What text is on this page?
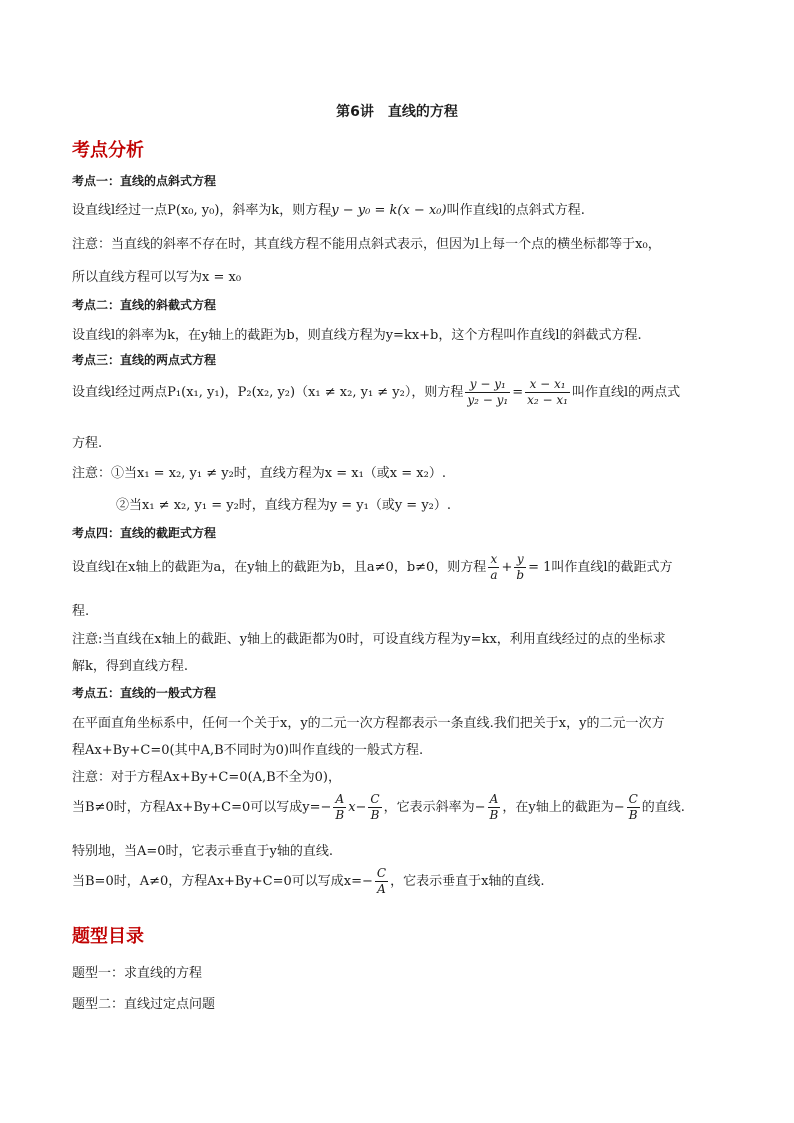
第6讲　直线的方程
考点分析
考点一：直线的点斜式方程
设直线l经过一点P(x₀, y₀)，斜率为k，则方程y − y₀ = k(x − x₀)叫作直线l的点斜式方程.
注意：当直线的斜率不存在时，其直线方程不能用点斜式表示，但因为l上每一个点的横坐标都等于x₀，
所以直线方程可以写为x = x₀
考点二：直线的斜截式方程
设直线l的斜率为k，在y轴上的截距为b，则直线方程为y=kx+b，这个方程叫作直线l的斜截式方程.
考点三：直线的两点式方程
设直线l经过两点P₁(x₁, y₁)，P₂(x₂, y₂)（x₁ ≠ x₂, y₁ ≠ y₂），则方程 $\frac{\text{y − y₁}}{\text{y₂ − y₁}} = \frac{\text{x − x₁}}{\text{x₂ − x₁}}$ 叫作直线l的两点式
方程.
注意：①当x₁ = x₂, y₁ ≠ y₂时，直线方程为x = x₁（或x = x₂）.
②当x₁ ≠ x₂, y₁ = y₂时，直线方程为y = y₁（或y = y₂）.
考点四：直线的截距式方程
设直线l在x轴上的截距为a，在y轴上的截距为b，且a≠0，b≠0，则方程 $\frac{x}{a} + \frac{y}{b} = 1$叫作直线l的截距式方
程.
注意:当直线在x轴上的截距、y轴上的截距都为0时，可设直线方程为y=kx，利用直线经过的点的坐标求
解k，得到直线方程.
考点五：直线的一般式方程
在平面直角坐标系中，任何一个关于x，y的二元一次方程都表示一条直线.我们把关于x，y的二元一次方
程Ax+By+C=0(其中A,B不同时为0)叫作直线的一般式方程.
注意：对于方程Ax+By+C=0(A,B不全为0)，
当B≠0时，方程Ax+By+C=0可以写成$y=- \frac{A}{B} x- \frac{C}{B}$ ，它表示斜率为− $\frac{A}{B}$ ，在y轴上的截距为− $\frac{C}{B}$ 的直线.
特别地，当A=0时，它表示垂直于y轴的直线.
当B=0时，A≠0，方程Ax+By+C=0可以写成$x=- \frac{C}{A}$ ，它表示垂直于x轴的直线.
题型目录
题型一：求直线的方程
题型二：直线过定点问题
